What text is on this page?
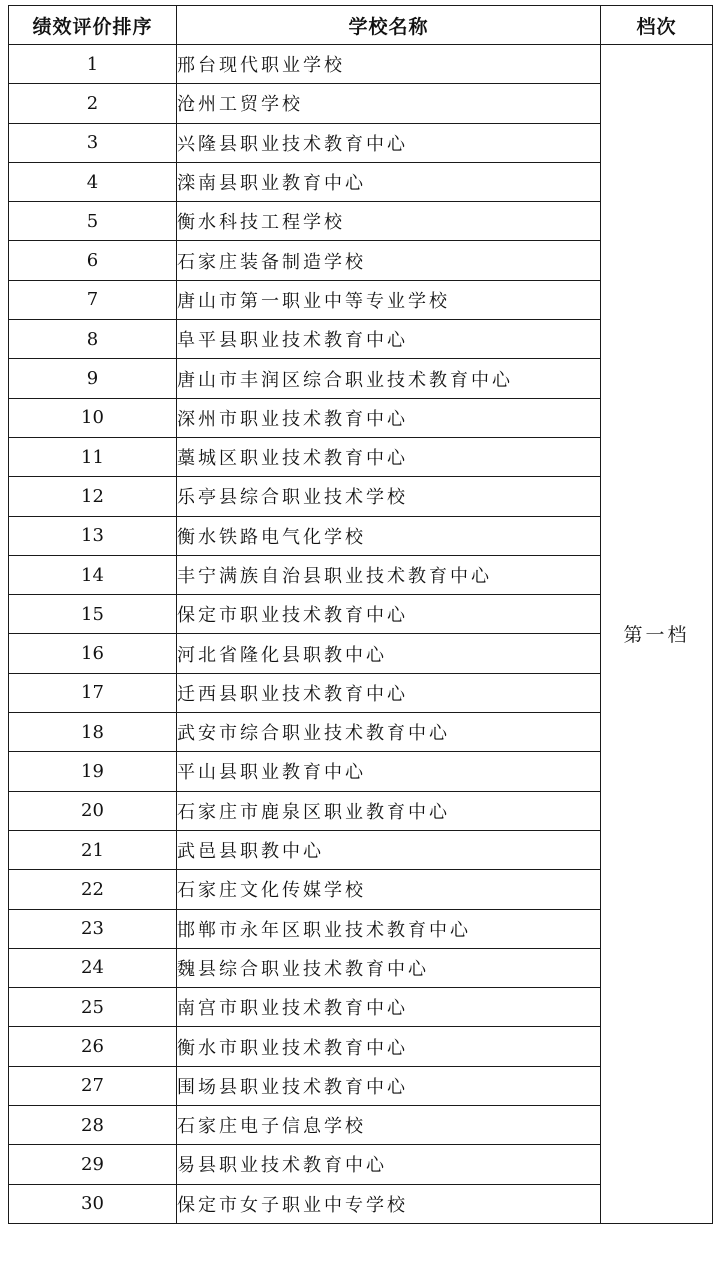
绩效评价排序	学校名称	档次
1	邢台现代职业学校	第一档
2	沧州工贸学校	
3	兴隆县职业技术教育中心	
4	滦南县职业教育中心	
5	衡水科技工程学校	
6	石家庄装备制造学校	
7	唐山市第一职业中等专业学校	
8	阜平县职业技术教育中心	
9	唐山市丰润区综合职业技术教育中心	
10	深州市职业技术教育中心	
11	藁城区职业技术教育中心	
12	乐亭县综合职业技术学校	
13	衡水铁路电气化学校	
14	丰宁满族自治县职业技术教育中心	
15	保定市职业技术教育中心	
16	河北省隆化县职教中心	
17	迁西县职业技术教育中心	
18	武安市综合职业技术教育中心	
19	平山县职业教育中心	
20	石家庄市鹿泉区职业教育中心	
21	武邑县职教中心	
22	石家庄文化传媒学校	
23	邯郸市永年区职业技术教育中心	
24	魏县综合职业技术教育中心	
25	南宫市职业技术教育中心	
26	衡水市职业技术教育中心	
27	围场县职业技术教育中心	
28	石家庄电子信息学校	
29	易县职业技术教育中心	
30	保定市女子职业中专学校	
